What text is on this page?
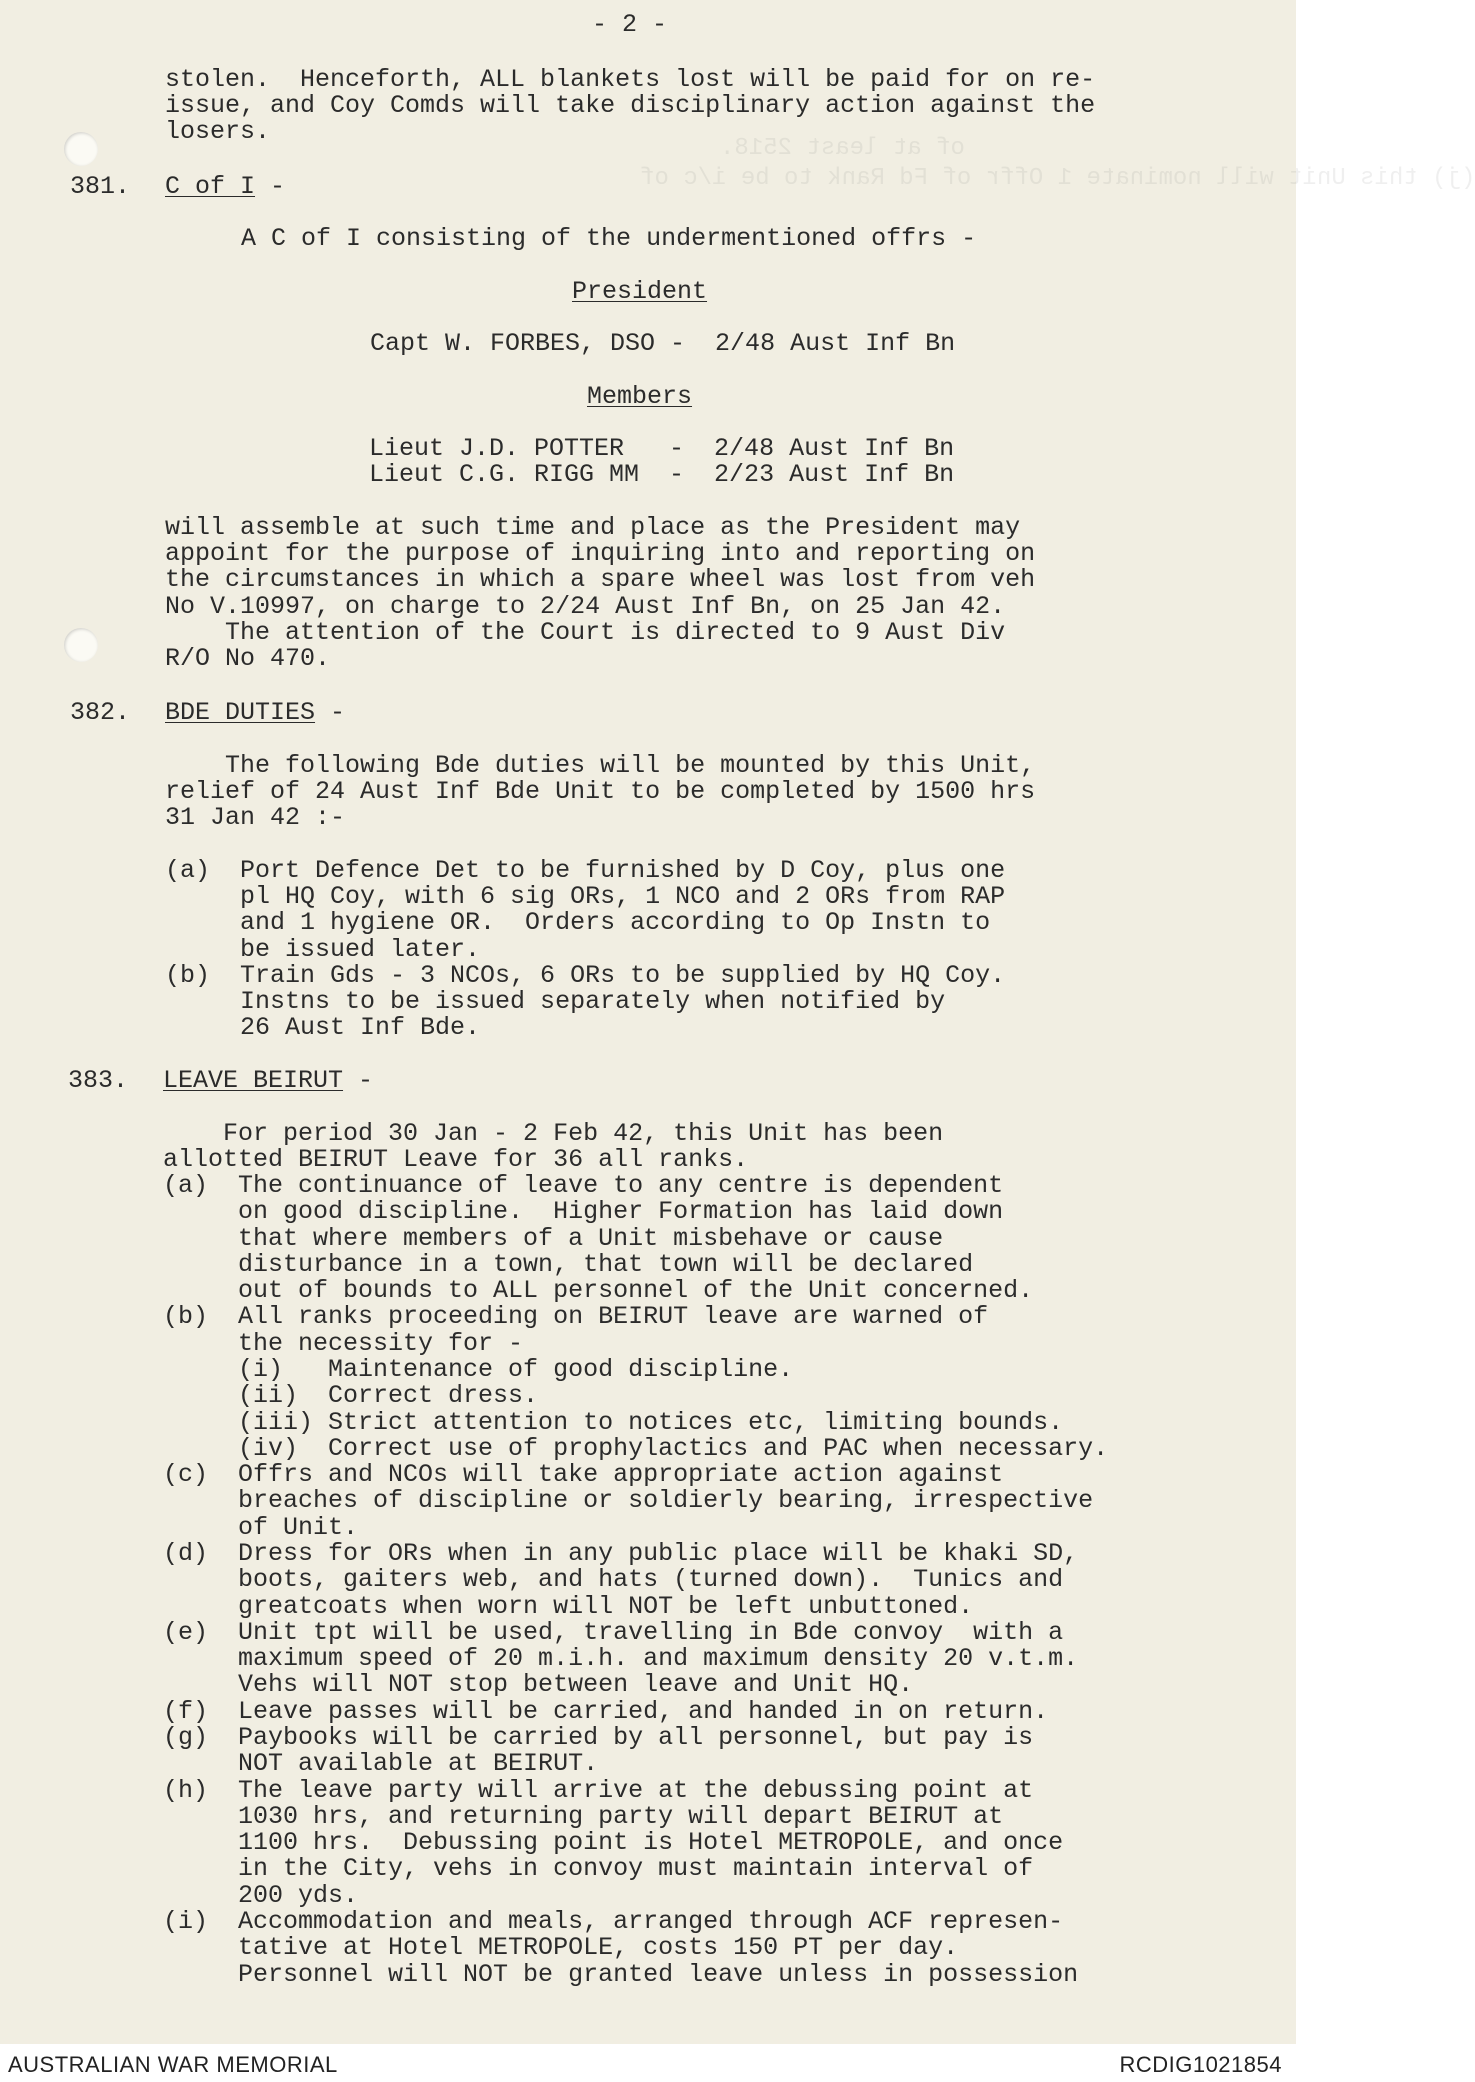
of at least 2518.
(j) this Unit will nominate 1 Offr of Fd Rank to be i/c of
- 2 -
stolen.  Henceforth, ALL blankets lost will be paid for on re-
issue, and Coy Comds will take disciplinary action against the
losers.
381. C of I -
A C of I consisting of the undermentioned offrs -
President
Capt W. FORBES, DSO -  2/48 Aust Inf Bn
Members
Lieut J.D. POTTER   -  2/48 Aust Inf Bn
Lieut C.G. RIGG MM  -  2/23 Aust Inf Bn
will assemble at such time and place as the President may
appoint for the purpose of inquiring into and reporting on
the circumstances in which a spare wheel was lost from veh
No V.10997, on charge to 2/24 Aust Inf Bn, on 25 Jan 42.
The attention of the Court is directed to 9 Aust Div
R/O No 470.
382. BDE DUTIES -
The following Bde duties will be mounted by this Unit,
relief of 24 Aust Inf Bde Unit to be completed by 1500 hrs
31 Jan 42 :-
(a)  Port Defence Det to be furnished by D Coy, plus one
pl HQ Coy, with 6 sig ORs, 1 NCO and 2 ORs from RAP
and 1 hygiene OR.  Orders according to Op Instn to
be issued later.
(b)  Train Gds - 3 NCOs, 6 ORs to be supplied by HQ Coy.
Instns to be issued separately when notified by
26 Aust Inf Bde.
383. LEAVE BEIRUT -
For period 30 Jan - 2 Feb 42, this Unit has been
allotted BEIRUT Leave for 36 all ranks.
(a)  The continuance of leave to any centre is dependent
on good discipline.  Higher Formation has laid down
that where members of a Unit misbehave or cause
disturbance in a town, that town will be declared
out of bounds to ALL personnel of the Unit concerned.
(b)  All ranks proceeding on BEIRUT leave are warned of
the necessity for -
(i)   Maintenance of good discipline.
(ii)  Correct dress.
(iii) Strict attention to notices etc, limiting bounds.
(iv)  Correct use of prophylactics and PAC when necessary.
(c)  Offrs and NCOs will take appropriate action against
breaches of discipline or soldierly bearing, irrespective
of Unit.
(d)  Dress for ORs when in any public place will be khaki SD,
boots, gaiters web, and hats (turned down).  Tunics and
greatcoats when worn will NOT be left unbuttoned.
(e)  Unit tpt will be used, travelling in Bde convoy  with a
maximum speed of 20 m.i.h. and maximum density 20 v.t.m.
Vehs will NOT stop between leave and Unit HQ.
(f)  Leave passes will be carried, and handed in on return.
(g)  Paybooks will be carried by all personnel, but pay is
NOT available at BEIRUT.
(h)  The leave party will arrive at the debussing point at
1030 hrs, and returning party will depart BEIRUT at
1100 hrs.  Debussing point is Hotel METROPOLE, and once
in the City, vehs in convoy must maintain interval of
200 yds.
(i)  Accommodation and meals, arranged through ACF represen-
tative at Hotel METROPOLE, costs 150 PT per day.
Personnel will NOT be granted leave unless in possession
AUSTRALIAN WAR MEMORIAL	RCDIG1021854
